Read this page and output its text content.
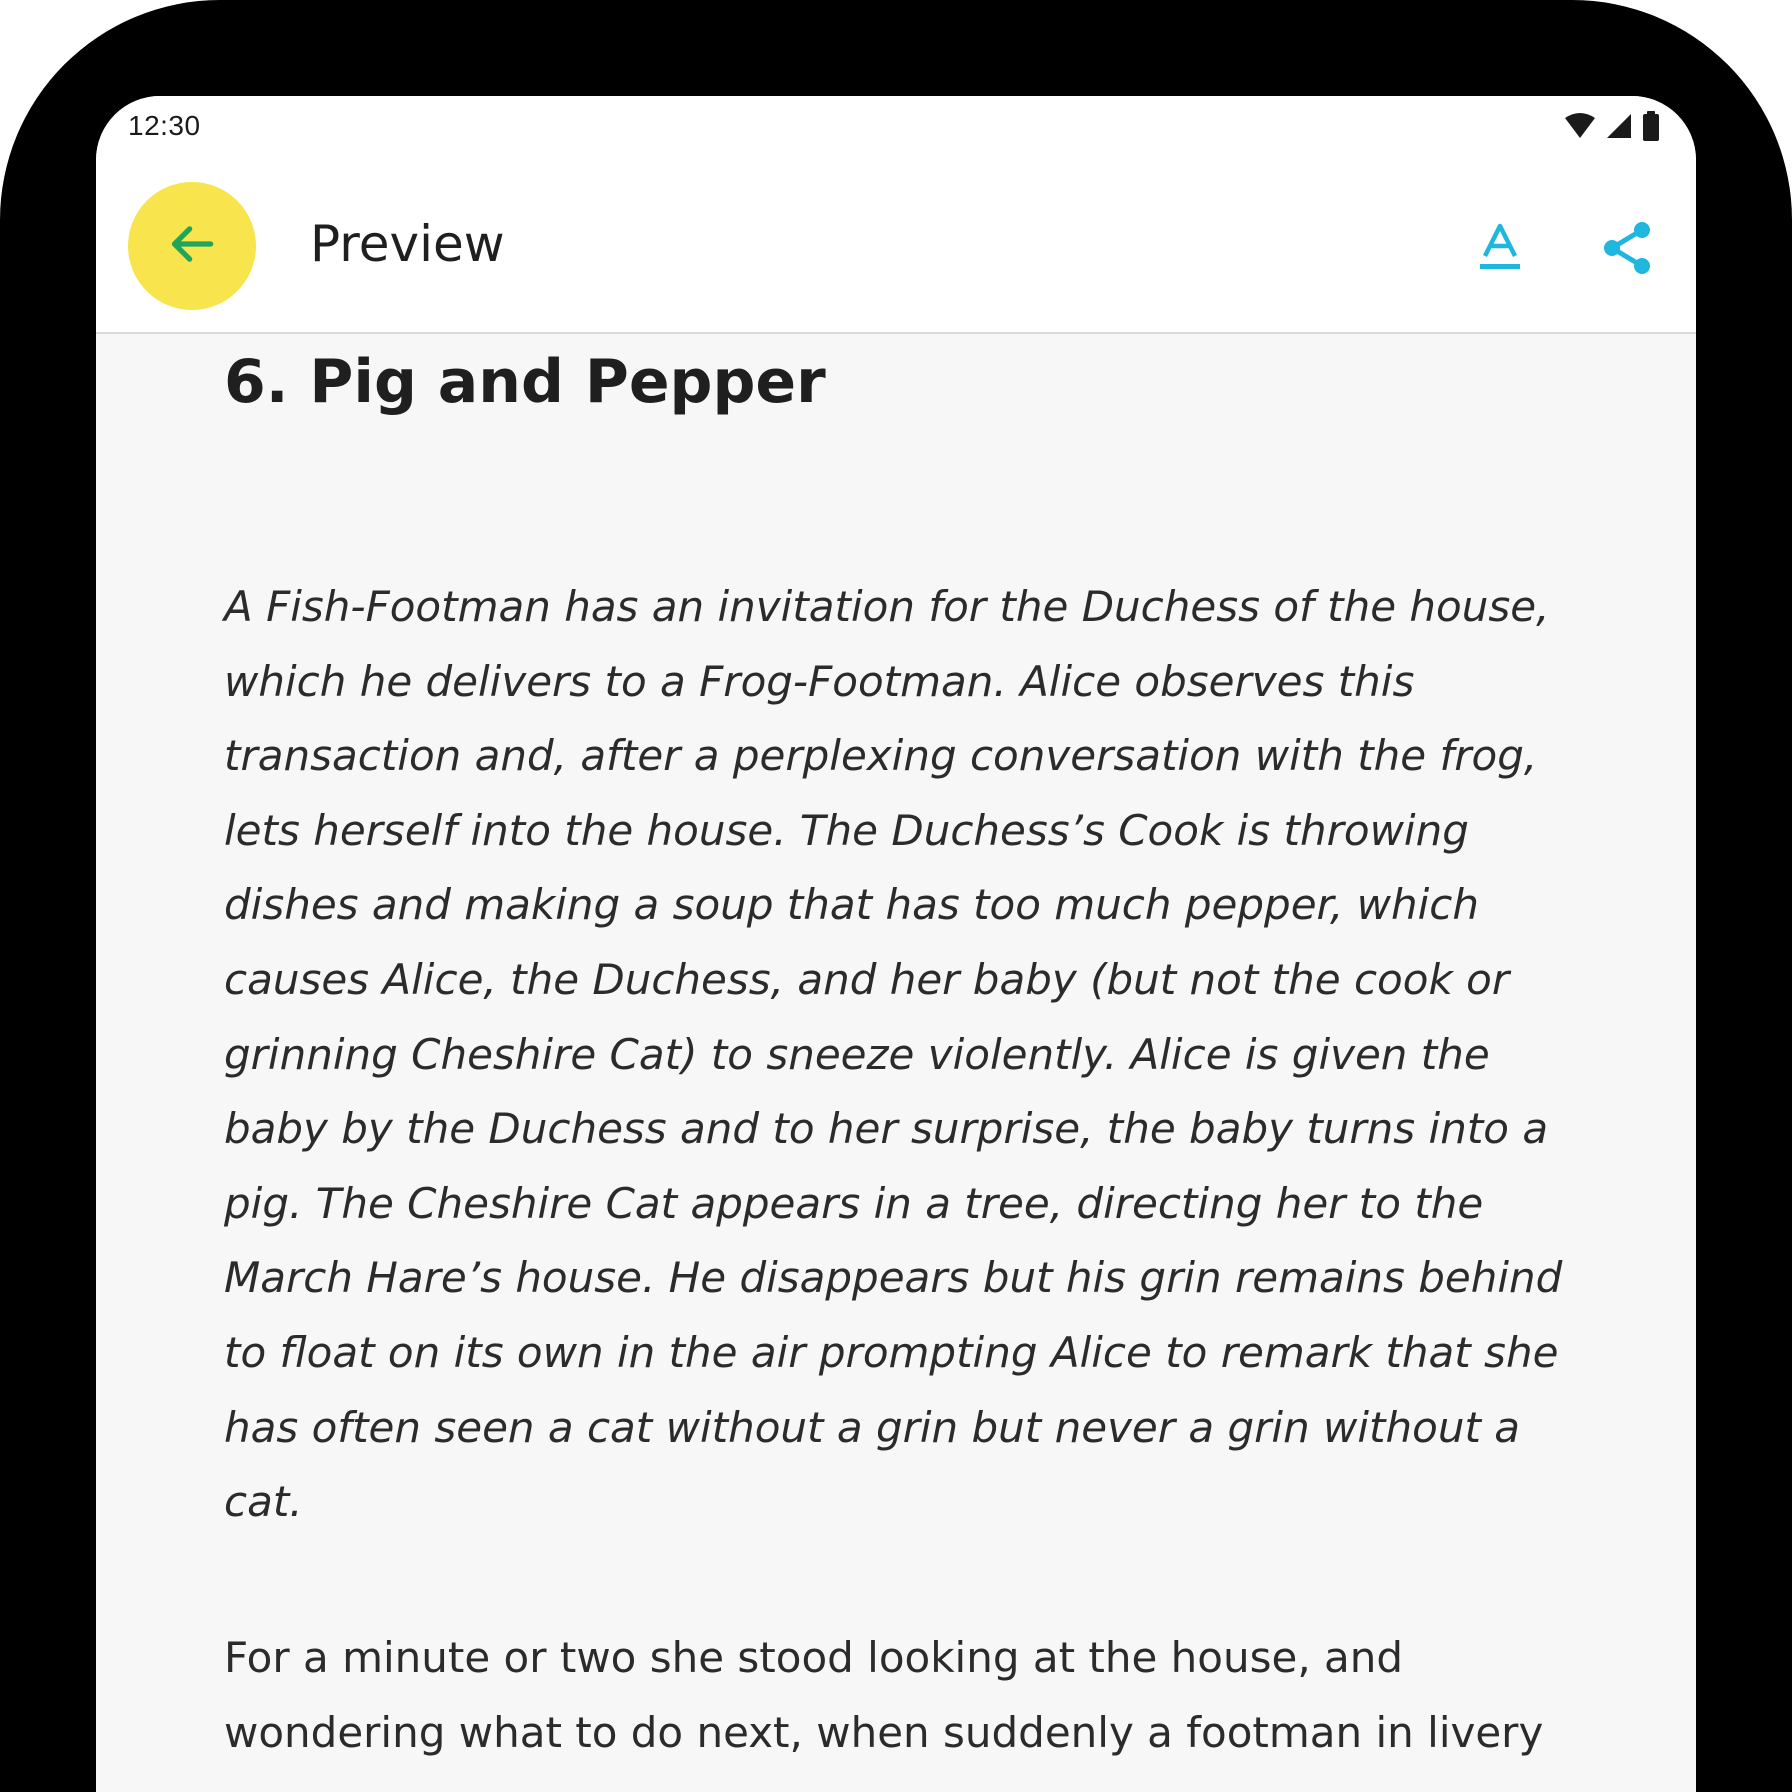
12:30
Preview
6. Pig and Pepper

A Fish-Footman has an invitation for the Duchess of the house, which he delivers to a Frog-Footman. Alice observes this transaction and, after a perplexing conversation with the frog, lets herself into the house. The Duchess’s Cook is throwing dishes and making a soup that has too much pepper, which causes Alice, the Duchess, and her baby (but not the cook or grinning Cheshire Cat) to sneeze violently. Alice is given the baby by the Duchess and to her surprise, the baby turns into a pig. The Cheshire Cat appears in a tree, directing her to the March Hare’s house. He disappears but his grin remains behind to float on its own in the air prompting Alice to remark that she has often seen a cat without a grin but never a grin without a cat.

For a minute or two she stood looking at the house, and wondering what to do next, when suddenly a footman in livery
